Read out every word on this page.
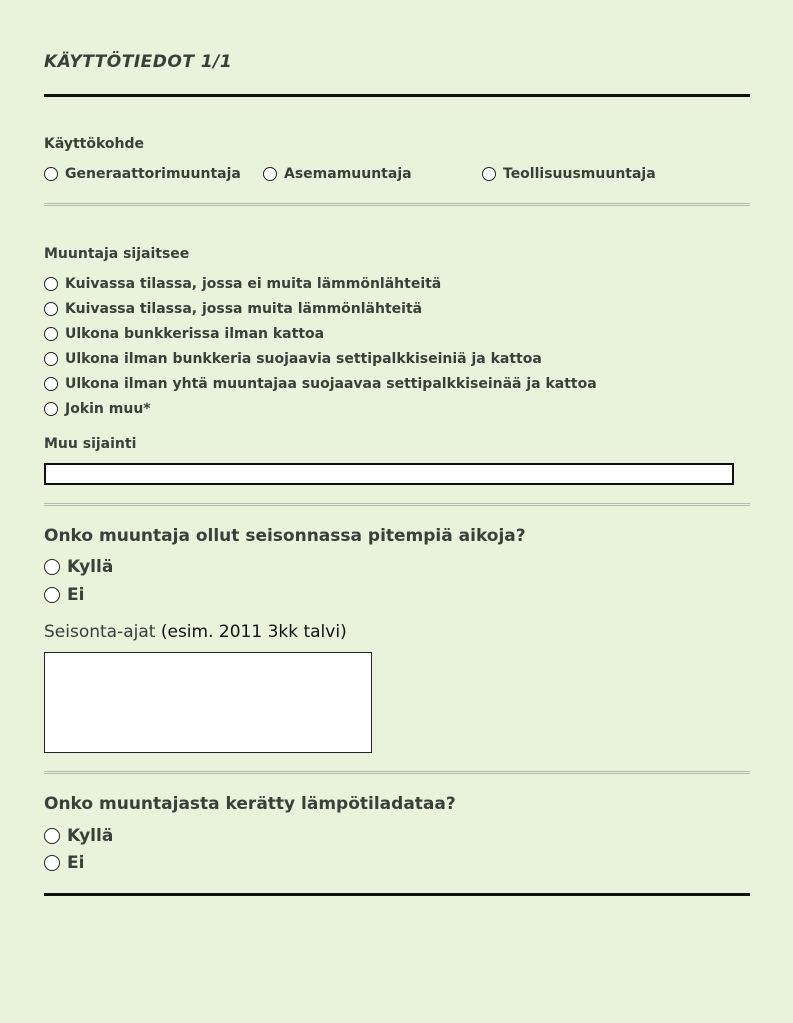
KÄYTTÖTIEDOT 1/1
Käyttökohde
Generaattorimuuntaja	Asemamuuntaja	Teollisuusmuuntaja
Muuntaja sijaitsee
Kuivassa tilassa, jossa ei muita lämmönlähteitä
Kuivassa tilassa, jossa muita lämmönlähteitä
Ulkona bunkkerissa ilman kattoa
Ulkona ilman bunkkeria suojaavia settipalkkiseiniä ja kattoa
Ulkona ilman yhtä muuntajaa suojaavaa settipalkkiseinää ja kattoa
Jokin muu*
Muu sijainti
Onko muuntaja ollut seisonnassa pitempiä aikoja?
Kyllä
Ei
Seisonta-ajat (esim. 2011 3kk talvi)
Onko muuntajasta kerätty lämpötiladataa?
Kyllä
Ei
